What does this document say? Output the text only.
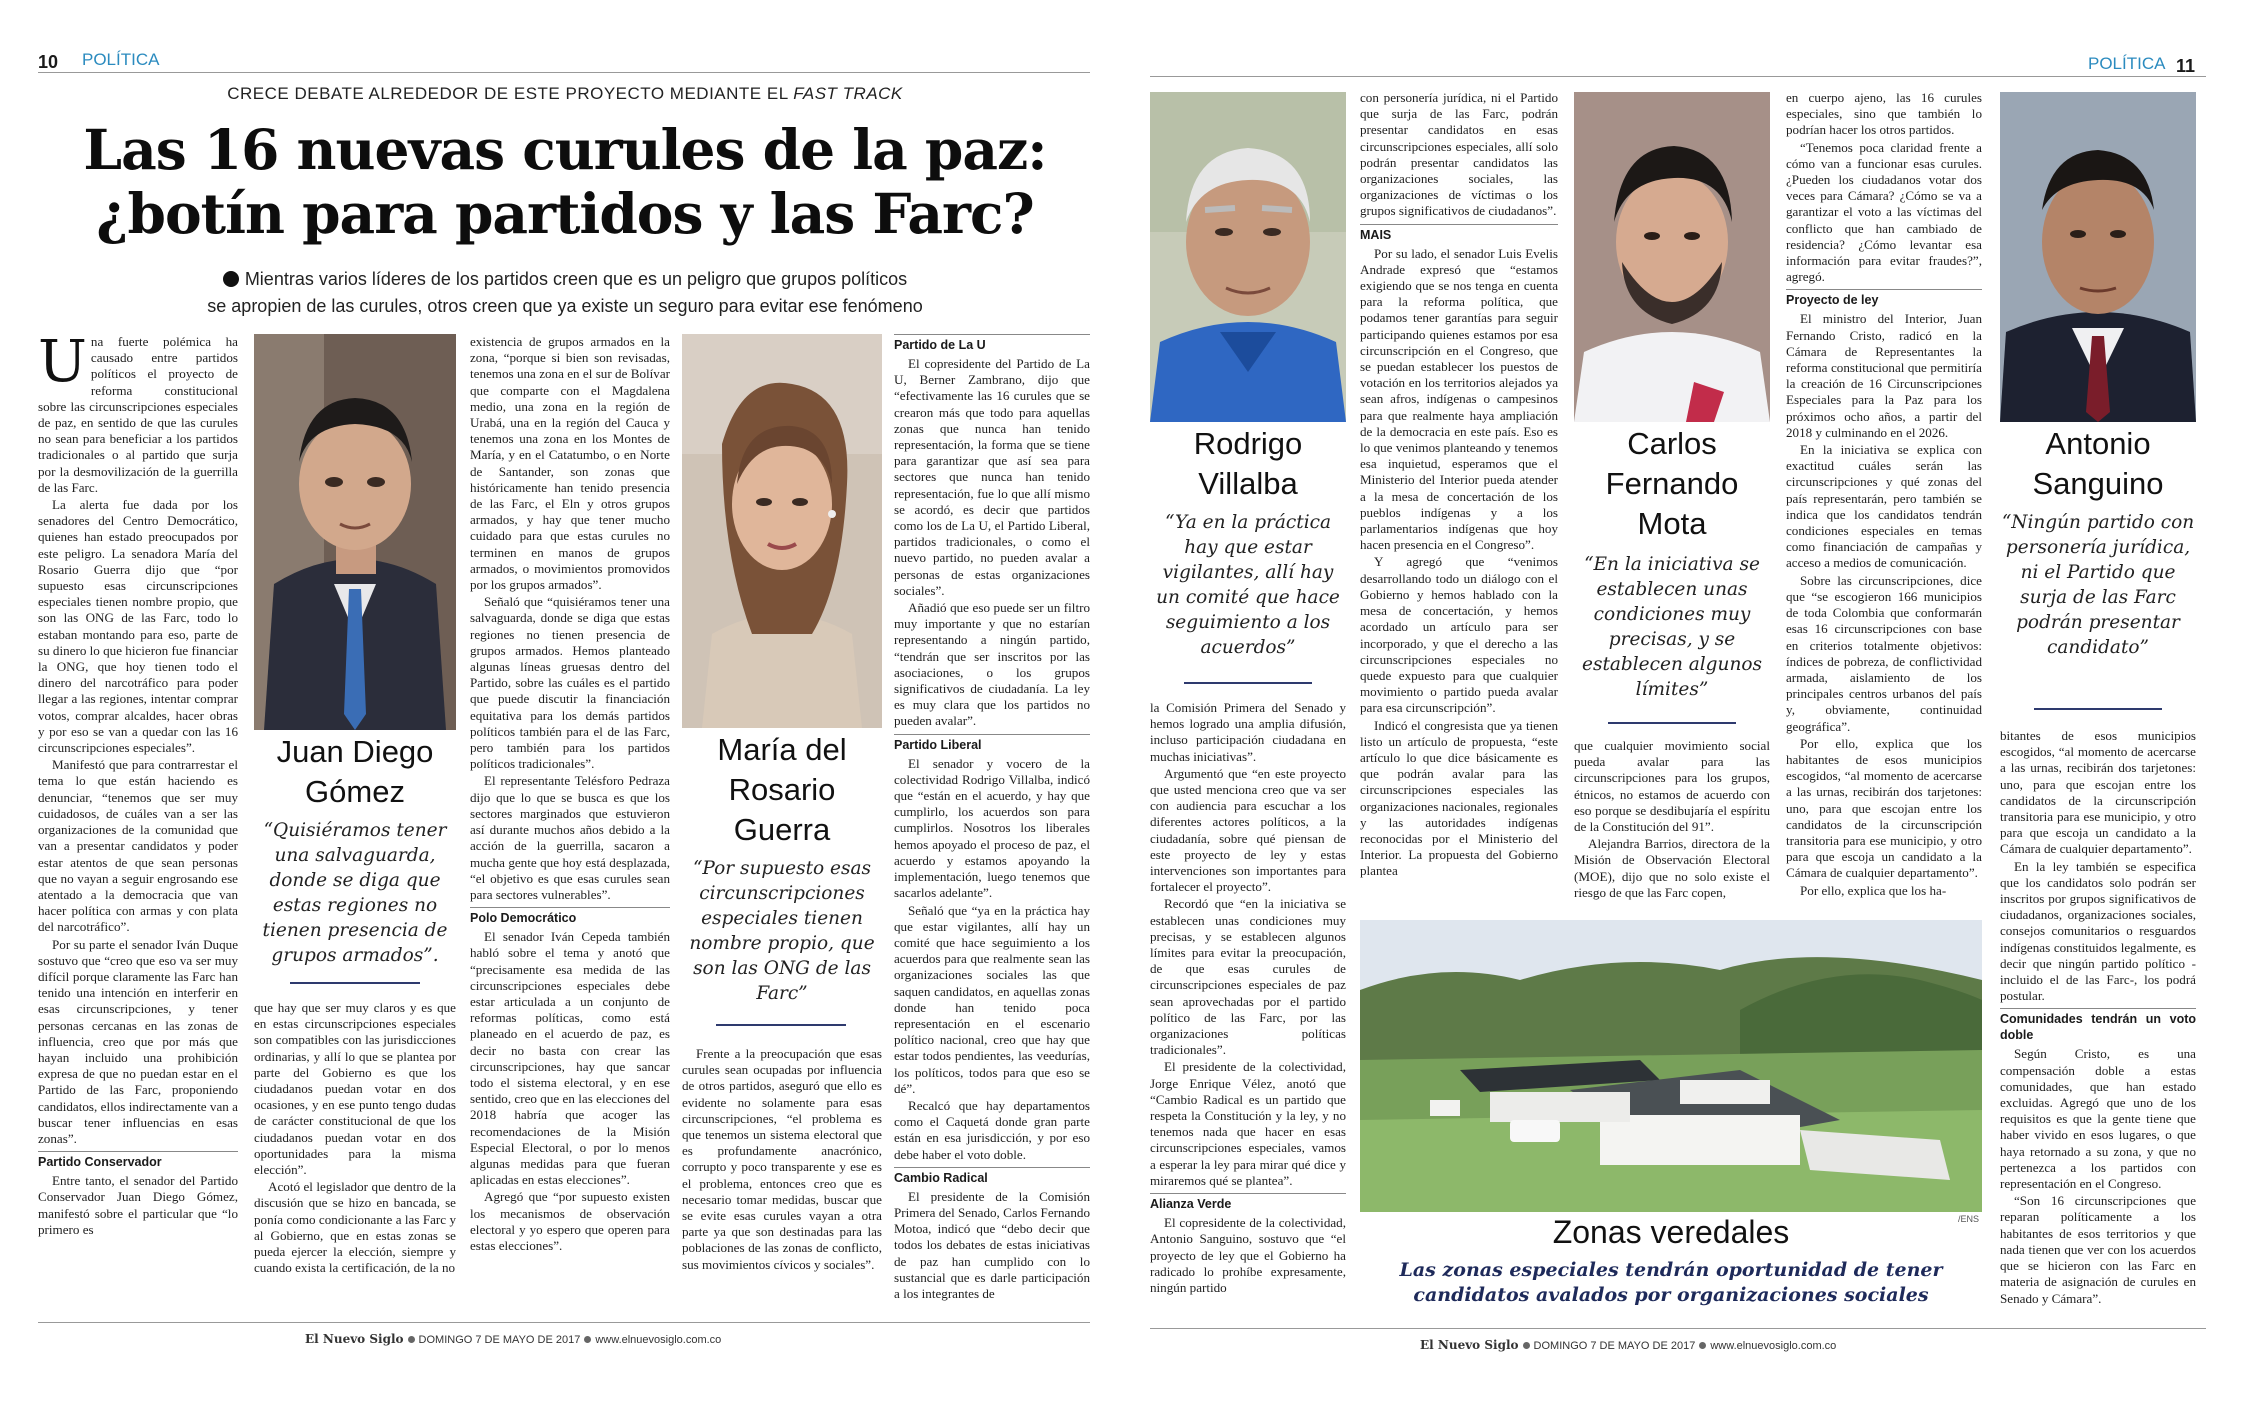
10 POLÍTICA
CRECE DEBATE ALREDEDOR DE ESTE PROYECTO MEDIANTE EL FAST TRACK
Las 16 nuevas curules de la paz:
¿botín para partidos y las Farc?
Mientras varios líderes de los partidos creen que es un peligro que grupos políticos
se apropien de las curules, otros creen que ya existe un seguro para evitar ese fenómeno

Una fuerte polémica ha causado entre partidos políticos el proyecto de reforma constitucional sobre las circunscripciones especiales de paz, en sentido de que las curules no sean para beneficiar a los partidos tradicionales o al partido que surja por la desmovilización de la guerrilla de las Farc.

La alerta fue dada por los senadores del Centro Democrático, quienes han estado preocupados por este peligro. La senadora María del Rosario Guerra dijo que “por supuesto esas circunscripciones especiales tienen nombre propio, que son las ONG de las Farc, todo lo estaban montando para eso, parte de su dinero lo que hicieron fue financiar la ONG, que hoy tienen todo el dinero del narcotráfico para poder llegar a las regiones, intentar comprar votos, comprar alcaldes, hacer obras y por eso se van a quedar con las 16 circunscripciones especiales”.

Manifestó que para contrarrestar el tema lo que están haciendo es denunciar, “tenemos que ser muy cuidadosos, de cuáles van a ser las organizaciones de la comunidad que van a presentar candidatos y poder estar atentos de que sean personas que no vayan a seguir engrosando ese atentado a la democracia que van hacer política con armas y con plata del narcotráfico”.

Por su parte el senador Iván Duque sostuvo que “creo que eso va ser muy difícil porque claramente las Farc han tenido una intención en interferir en esas circunscripciones, y tener personas cercanas en las zonas de influencia, creo que por más que hayan incluido una prohibición expresa de que no puedan estar en el Partido de las Farc, proponiendo candidatos, ellos indirectamente van a buscar tener influencias en esas zonas”.

Partido Conservador

Entre tanto, el senador del Partido Conservador Juan Diego Gómez, manifestó sobre el particular que “lo primero es

Juan Diego
Gómez
“Quisiéramos tener una salvaguarda, donde se diga que estas regiones no tienen presencia de grupos armados”.

que hay que ser muy claros y es que en estas circunscripciones especiales son compatibles con las jurisdicciones ordinarias, y allí lo que se plantea por parte del Gobierno es que los ciudadanos puedan votar en dos ocasiones, y en ese punto tengo dudas de carácter constitucional de que los ciudadanos puedan votar en dos oportunidades para la misma elección”.

Acotó el legislador que dentro de la discusión que se hizo en bancada, se ponía como condicionante a las Farc y al Gobierno, que en estas zonas se pueda ejercer la elección, siempre y cuando exista la certificación, de la no

existencia de grupos armados en la zona, “porque si bien son revisadas, tenemos una zona en el sur de Bolívar que comparte con el Magdalena medio, una zona en la región de Urabá, una en la región del Cauca y tenemos una zona en los Montes de María, y en el Catatumbo, o en Norte de Santander, son zonas que históricamente han tenido presencia de las Farc, el Eln y otros grupos armados, y hay que tener mucho cuidado para que estas curules no terminen en manos de grupos armados, o movimientos promovidos por los grupos armados”.

Señaló que “quisiéramos tener una salvaguarda, donde se diga que estas regiones no tienen presencia de grupos armados. Hemos planteado algunas líneas gruesas dentro del Partido, sobre las cuáles es el partido que puede discutir la financiación equitativa para los demás partidos políticos también para el de las Farc, pero también para los partidos políticos tradicionales”.

El representante Telésforo Pedraza dijo que lo que se busca es que los sectores marginados que estuvieron así durante muchos años debido a la acción de la guerrilla, sacaron a mucha gente que hoy está desplazada, “el objetivo es que esas curules sean para sectores vulnerables”.

Polo Democrático

El senador Iván Cepeda también habló sobre el tema y anotó que “precisamente esa medida de las circunscripciones especiales debe estar articulada a un conjunto de reformas políticas, como está planeado en el acuerdo de paz, es decir no basta con crear las circunscripciones, hay que sancar todo el sistema electoral, y en ese sentido, creo que en las elecciones del 2018 habría que acoger las recomendaciones de la Misión Especial Electoral, o por lo menos algunas medidas para que fueran aplicadas en estas elecciones”.

Agregó que “por supuesto existen los mecanismos de observación electoral y yo espero que operen para estas elecciones”.

María del
Rosario
Guerra
“Por supuesto esas circunscripciones especiales tienen nombre propio, que son las ONG de las Farc”

Frente a la preocupación que esas curules sean ocupadas por influencia de otros partidos, aseguró que ello es evidente no solamente para esas circunscripciones, “el problema es que tenemos un sistema electoral que es profundamente anacrónico, corrupto y poco transparente y ese es el problema, entonces creo que es necesario tomar medidas, buscar que se evite esas curules vayan a otra parte ya que son destinadas para las poblaciones de las zonas de conflicto, sus movimientos cívicos y sociales”.

Partido de La U

El copresidente del Partido de La U, Berner Zambrano, dijo que “efectivamente las 16 curules que se crearon más que todo para aquellas zonas que nunca han tenido representación, la forma que se tiene para garantizar que así sea para sectores que nunca han tenido representación, fue lo que allí mismo se acordó, es decir que partidos como los de La U, el Partido Liberal, partidos tradicionales, o como el nuevo partido, no pueden avalar a personas de estas organizaciones sociales”.

Añadió que eso puede ser un filtro muy importante y que no estarían representando a ningún partido, “tendrán que ser inscritos por las asociaciones, o los grupos significativos de ciudadanía. La ley es muy clara que los partidos no pueden avalar”.

Partido Liberal

El senador y vocero de la colectividad Rodrigo Villalba, indicó que “están en el acuerdo, y hay que cumplirlo, los acuerdos son para cumplirlos. Nosotros los liberales hemos apoyado el proceso de paz, el acuerdo y estamos apoyando la implementación, luego tenemos que sacarlos adelante”.

Señaló que “ya en la práctica hay que estar vigilantes, allí hay un comité que hace seguimiento a los acuerdos para que realmente sean las organizaciones sociales las que saquen candidatos, en aquellas zonas donde han tenido poca representación en el escenario político nacional, creo que hay que estar todos pendientes, las veedurías, los políticos, todos para que eso se dé”.

Recalcó que hay departamentos como el Caquetá donde gran parte están en esa jurisdicción, y por eso debe haber el voto doble.

Cambio Radical

El presidente de la Comisión Primera del Senado, Carlos Fernando Motoa, indicó que “debo decir que todos los debates de estas iniciativas de paz han cumplido con lo sustancial que es darle participación a los integrantes de

El Nuevo Siglo DOMINGO 7 DE MAYO DE 2017 www.elnuevosiglo.com.co
POLÍTICA 11
Rodrigo
Villalba
“Ya en la práctica hay que estar vigilantes, allí hay un comité que hace seguimiento a los acuerdos”

la Comisión Primera del Senado y hemos logrado una amplia difusión, incluso participación ciudadana en muchas iniciativas”.

Argumentó que “en este proyecto que usted menciona creo que va ser con audiencia para escuchar a los diferentes actores políticos, a la ciudadanía, sobre qué piensan de este proyecto de ley y estas intervenciones son importantes para fortalecer el proyecto”.

Recordó que “en la iniciativa se establecen unas condiciones muy precisas, y se establecen algunos límites para evitar la preocupación, de que esas curules de circunscripciones especiales de paz sean aprovechadas por el partido político de las Farc, por las organizaciones políticas tradicionales”.

El presidente de la colectividad, Jorge Enrique Vélez, anotó que “Cambio Radical es un partido que respeta la Constitución y la ley, y no tenemos nada que hacer en esas circunscripciones especiales, vamos a esperar la ley para mirar qué dice y miraremos qué se plantea”.

Alianza Verde

El copresidente de la colectividad, Antonio Sanguino, sostuvo que “el proyecto de ley que el Gobierno ha radicado lo prohíbe expresamente, ningún partido

con personería jurídica, ni el Partido que surja de las Farc, podrán presentar candidatos en esas circunscripciones especiales, allí solo podrán presentar candidatos las organizaciones sociales, las organizaciones de víctimas o los grupos significativos de ciudadanos”.

MAIS

Por su lado, el senador Luis Evelis Andrade expresó que “estamos exigiendo que se nos tenga en cuenta para la reforma política, que podamos tener garantías para seguir participando quienes estamos por esa circunscripción en el Congreso, que se puedan establecer los puestos de votación en los territorios alejados ya sean afros, indígenas o campesinos para que realmente haya ampliación de la democracia en este país. Eso es lo que venimos planteando y tenemos esa inquietud, esperamos que el Ministerio del Interior pueda atender a la mesa de concertación de los pueblos indígenas y a los parlamentarios indígenas que hoy hacen presencia en el Congreso”.

Y agregó que “venimos desarrollando todo un diálogo con el Gobierno y hemos hablado con la mesa de concertación, y hemos acordado un artículo para ser incorporado, y que el derecho a las circunscripciones especiales no quede expuesto para que cualquier movimiento o partido pueda avalar para esa circunscripción”.

Indicó el congresista que ya tienen listo un artículo de propuesta, “este artículo lo que dice básicamente es que podrán avalar para las circunscripciones especiales las organizaciones nacionales, regionales y las autoridades indígenas reconocidas por el Ministerio del Interior. La propuesta del Gobierno plantea

Carlos
Fernando
Mota
“En la iniciativa se establecen unas condiciones muy precisas, y se establecen algunos límites”

que cualquier movimiento social pueda avalar para las circunscripciones para los grupos, étnicos, no estamos de acuerdo con eso porque se desdibujaría el espíritu de la Constitución del 91”.

Alejandra Barrios, directora de la Misión de Observación Electoral (MOE), dijo que no solo existe el riesgo de que las Farc copen,

en cuerpo ajeno, las 16 curules especiales, sino que también lo podrían hacer los otros partidos.

“Tenemos poca claridad frente a cómo van a funcionar esas curules. ¿Pueden los ciudadanos votar dos veces para Cámara? ¿Cómo se va a garantizar el voto a las víctimas del conflicto que han cambiado de residencia? ¿Cómo levantar esa información para evitar fraudes?”, agregó.

Proyecto de ley

El ministro del Interior, Juan Fernando Cristo, radicó en la Cámara de Representantes la reforma constitucional que permitiría la creación de 16 Circunscripciones Especiales para la Paz para los próximos ocho años, a partir del 2018 y culminando en el 2026.

En la iniciativa se explica con exactitud cuáles serán las circunscripciones y qué zonas del país representarán, pero también se indica que los candidatos tendrán condiciones especiales en temas como financiación de campañas y acceso a medios de comunicación.

Sobre las circunscripciones, dice que “se escogieron 166 municipios de toda Colombia que conformarán esas 16 circunscripciones con base en criterios totalmente objetivos: índices de pobreza, de conflictividad armada, aislamiento de los principales centros urbanos del país y, obviamente, continuidad geográfica”.

Por ello, explica que los habitantes de esos municipios escogidos, “al momento de acercarse a las urnas, recibirán dos tarjetones: uno, para que escojan entre los candidatos de la circunscripción transitoria para ese municipio, y otro para que escoja un candidato a la Cámara de cualquier departamento”.

Por ello, explica que los ha-

Antonio
Sanguino
“Ningún partido con personería jurídica, ni el Partido que surja de las Farc podrán presentar candidato”

bitantes de esos municipios escogidos, “al momento de acercarse a las urnas, recibirán dos tarjetones: uno, para que escojan entre los candidatos de la circunscripción transitoria para ese municipio, y otro para que escoja un candidato a la Cámara de cualquier departamento”.

En la ley también se especifica que los candidatos solo podrán ser inscritos por grupos significativos de ciudadanos, organizaciones sociales, consejos comunitarios o resguardos indígenas constituidos legalmente, es decir que ningún partido político -incluido el de las Farc-, los podrá postular.

Comunidades tendrán un voto doble

Según Cristo, es una compensación doble a estas comunidades, que han estado excluidas. Agregó que uno de los requisitos es que la gente tiene que haber vivido en esos lugares, o que haya retornado a su zona, y que no pertenezca a los partidos con representación en el Congreso.

“Son 16 circunscripciones que reparan políticamente a los habitantes de esos territorios y que nada tienen que ver con los acuerdos que se hicieron con las Farc en materia de asignación de curules en Senado y Cámara”.

/ENS
Zonas veredales
Las zonas especiales tendrán oportunidad de tener
candidatos avalados por organizaciones sociales
El Nuevo Siglo DOMINGO 7 DE MAYO DE 2017 www.elnuevosiglo.com.co
